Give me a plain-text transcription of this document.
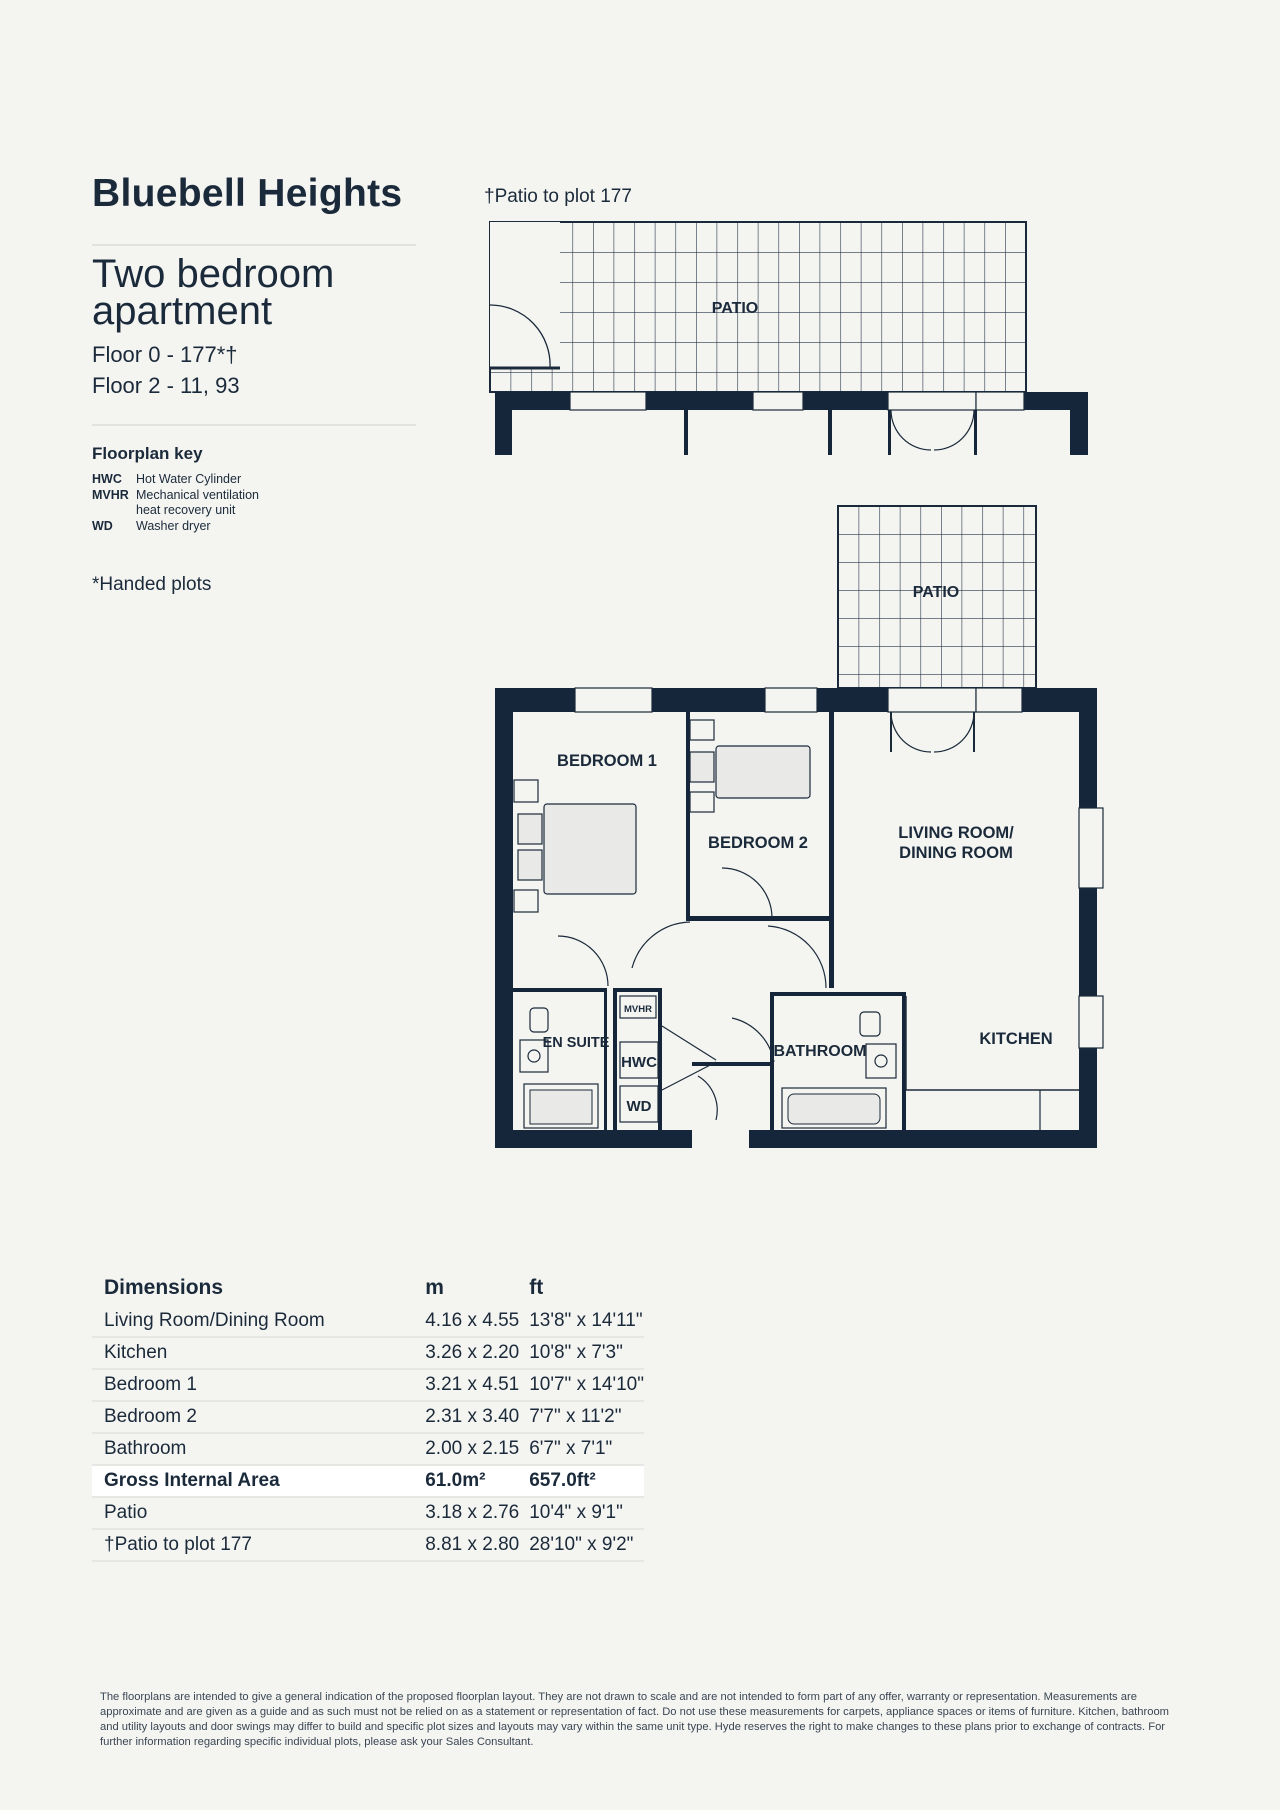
Bluebell Heights
Two bedroom
apartment
Floor 0 - 177*†
Floor 2 - 11, 93
Floorplan key
HWC Hot Water Cylinder
MVHR Mechanical ventilation heat recovery unit
WD Washer dryer
*Handed plots
†Patio to plot 177
PATIO
PATIO
EN SUITE
MVHR
HWC
WD
BATHROOM
BEDROOM 1
BEDROOM 2
LIVING ROOM/
DINING ROOM
KITCHEN
Dimensions	m	ft
Living Room/Dining Room	4.16 x 4.55	13'8" x 14'11"
Kitchen	3.26 x 2.20	10'8" x 7'3"
Bedroom 1	3.21 x 4.51	10'7" x 14'10"
Bedroom 2	2.31 x 3.40	7'7" x 11'2"
Bathroom	2.00 x 2.15	6'7" x 7'1"
Gross Internal Area	61.0m²	657.0ft²
Patio	3.18 x 2.76	10'4" x 9'1"
†Patio to plot 177	8.81 x 2.80	28'10" x 9'2"
The floorplans are intended to give a general indication of the proposed floorplan layout. They are not drawn to scale and are not intended to form part of any offer, warranty or representation. Measurements are approximate and are given as a guide and as such must not be relied on as a statement or representation of fact. Do not use these measurements for carpets, appliance spaces or items of furniture. Kitchen, bathroom and utility layouts and door swings may differ to build and specific plot sizes and layouts may vary within the same unit type. Hyde reserves the right to make changes to these plans prior to exchange of contracts. For further information regarding specific individual plots, please ask your Sales Consultant.
